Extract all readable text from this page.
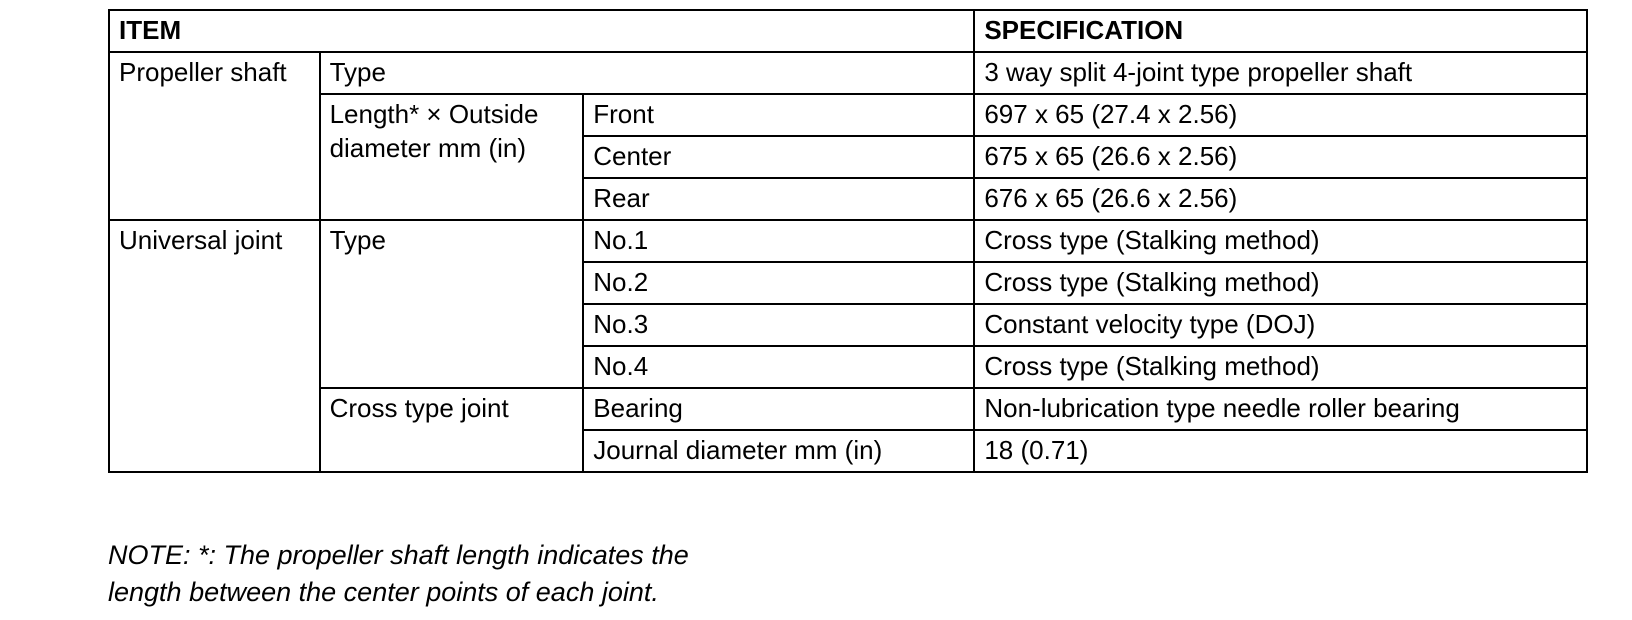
ITEM			SPECIFICATION
Propeller shaft	Type		3 way split 4-joint type propeller shaft
	Length* × Outside diameter mm (in)	Front	697 x 65 (27.4 x 2.56)
		Center	675 x 65 (26.6 x 2.56)
		Rear	676 x 65 (26.6 x 2.56)
Universal joint	Type	No.1	Cross type (Stalking method)
		No.2	Cross type (Stalking method)
		No.3	Constant velocity type (DOJ)
		No.4	Cross type (Stalking method)
	Cross type joint	Bearing	Non-lubrication type needle roller bearing
		Journal diameter mm (in)	18 (0.71)
NOTE: *: The propeller shaft length indicates the
length between the center points of each joint.
